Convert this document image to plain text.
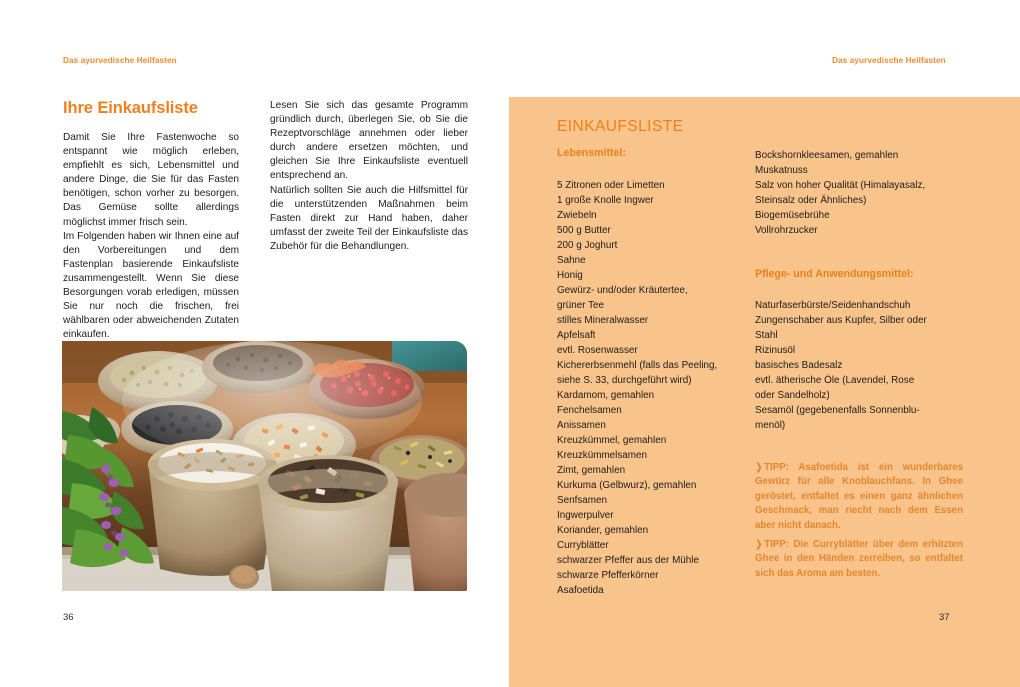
Das ayurvedische Heilfasten	Das ayurvedische Heilfasten
Ihre Einkaufsliste

Damit Sie Ihre Fastenwoche so entspannt wie möglich erleben, empfiehlt es sich, Lebensmittel und andere Dinge, die Sie für das Fasten benötigen, schon vorher zu besorgen. Das Gemüse sollte allerdings möglichst immer frisch sein.

Im Folgenden haben wir Ihnen eine auf den Vorbereitungen und dem Fastenplan basierende Einkaufsliste zusammengestellt. Wenn Sie diese Besorgungen vorab erledigen, müssen Sie nur noch die frischen, frei wählbaren oder abweichenden Zutaten einkaufen.

Lesen Sie sich das gesamte Programm gründlich durch, überlegen Sie, ob Sie die Rezeptvorschläge annehmen oder lieber durch andere ersetzen möchten, und gleichen Sie Ihre Einkaufsliste eventuell entsprechend an.

Natürlich sollten Sie auch die Hilfsmittel für die unterstützenden Maßnahmen beim Fasten direkt zur Hand haben, daher umfasst der zweite Teil der Einkaufsliste das Zubehör für die Behandlungen.

36	37
EINKAUFSLISTE
Lebensmittel:
Pflege- und Anwendungsmittel:
5 Zitronen oder Limetten
1 große Knolle Ingwer
Zwiebeln
500 g Butter
200 g Joghurt
Sahne
Honig
Gewürz- und/oder Kräutertee,
grüner Tee
stilles Mineralwasser
Apfelsaft
evtl. Rosenwasser
Kichererbsenmehl (falls das Peeling,
siehe S. 33, durchgeführt wird)
Kardamom, gemahlen
Fenchelsamen
Anissamen
Kreuzkümmel, gemahlen
Kreuzkümmelsamen
Zimt, gemahlen
Kurkuma (Gelbwurz), gemahlen
Senfsamen
Ingwerpulver
Koriander, gemahlen
Curryblätter
schwarzer Pfeffer aus der Mühle
schwarze Pfefferkörner
Asafoetida
Bockshornkleesamen, gemahlen
Muskatnuss
Salz von hoher Qualität (Himalayasalz,
Steinsalz oder Ähnliches)
Biogemüsebrühe
Vollrohrzucker
Naturfaserbürste/Seidenhandschuh
Zungenschaber aus Kupfer, Silber oder
Stahl
Rizinusöl
basisches Badesalz
evtl. ätherische Öle (Lavendel, Rose
oder Sandelholz)
Sesamöl (gegebenenfalls Sonnenblu-
menöl)
❯ TIPP: Asafoetida ist ein wunderbares Gewürz für alle Knoblauchfans. In Ghee geröstet, entfaltet es einen ganz ähnlichen Geschmack, man riecht nach dem Essen aber nicht danach.
❯ TIPP: Die Curryblätter über dem erhitzten Ghee in den Händen zerreiben, so entfaltet sich das Aroma am besten.
